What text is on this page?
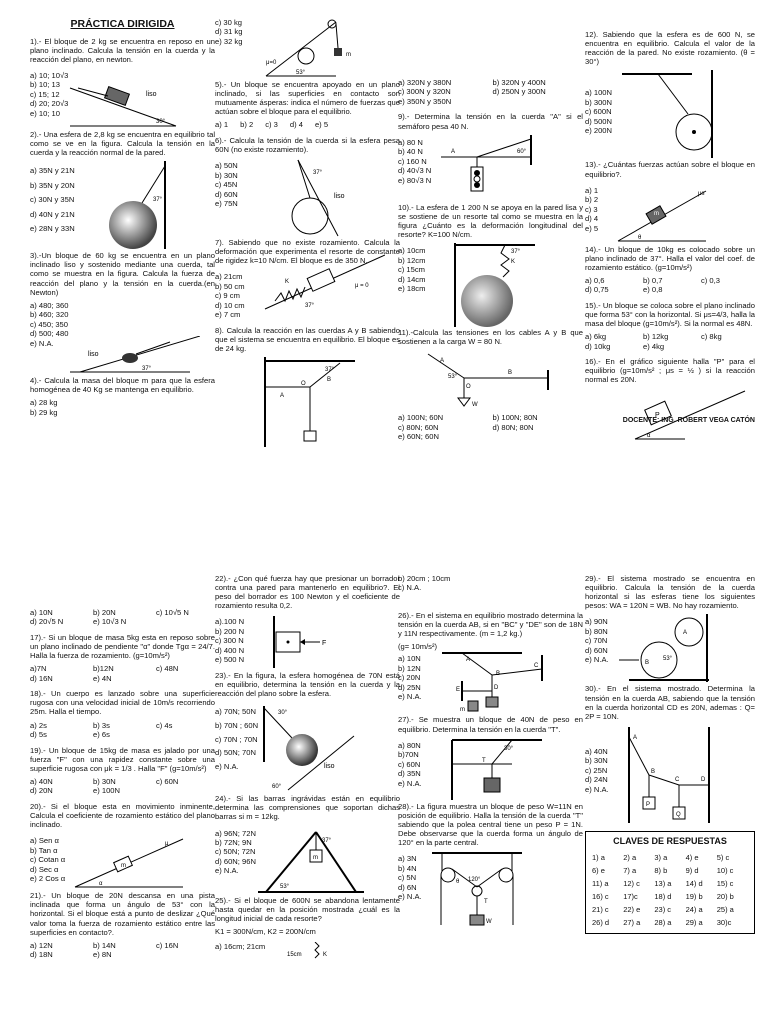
PRÁCTICA DIRIGIDA
1).- El bloque de 2 kg se encuentra en reposo en un plano inclinado. Calcula la tensión en la cuerda y la reacción del plano, en newton.
a) 10; 10√3
b) 10; 13
c) 15; 12
d) 20; 20√3
e) 10; 10
liso
30°
2).- Una esfera de 2,8 kg se encuentra en equilibrio tal como se ve en la figura. Calcula la tensión en la cuerda y la reacción normal de la pared.
a) 35N y 21N
b) 35N y 20N
c) 30N y 35N
d) 40N y 21N
e) 28N y 33N
37°
3).-Un bloque de 60 kg se encuentra en un plano inclinado liso y sostenido mediante una cuerda, tal como se muestra en la figura. Calcula la fuerza de reacción del plano y la tensión en la cuerda.(en Newton)
a) 480; 360
b) 460; 320
c) 450; 350
d) 500; 480
e) N.A.
liso
37°
4).- Calcula la masa del bloque m para que la esfera homogénea de 40 Kg se mantenga en equilibrio.
a) 28 kg
b) 29 kg
c) 30 kg
d) 31 kg
e) 32 kg
m
μ=0
53°
5).- Un bloque se encuentra apoyado en un plano inclinado, si las superficies en contacto son mutuamente ásperas: indica el número de fuerzas que actúan sobre el bloque para el equilibrio.
a) 1 b) 2 c) 3 d) 4 e) 5
6).- Calcula la tensión de la cuerda si la esfera pesa 60N (no existe rozamiento).
a) 50N
b) 30N
c) 45N
d) 60N
e) 75N
37°
liso
7). Sabiendo que no existe rozamiento. Calcula la deformación que experimenta el resorte de constante de rigidez k=10 N/cm. El bloque es de 350 N.
a) 21cm
b) 50 cm
c) 9 cm
d) 10 cm
e) 7 cm
K
μ = 0
37°
8). Calcula la reacción en las cuerdas A y B sabiendo que el sistema se encuentra en equilibrio. El bloque es de 24 kg.
A
B
O
37°
a) 320N y 380N	b) 320N y 400N
c) 300N y 320N	d) 250N y 300N
e) 350N y 350N
9).- Determina la tensión en la cuerda "A" si el semáforo pesa 40 N.
a) 80 N
b) 40 N
c) 160 N
d) 40√3 N
e) 80√3 N
A	60°
10).- La esfera de 1 200 N se apoya en la pared lisa y se sostiene de un resorte tal como se muestra en la figura ¿Cuánto es la deformación longitudinal del resorte? K=100 N/cm.
a) 10cm
b) 12cm
c) 15cm
d) 14cm
e) 18cm
K
37°
11).-Calcula las tensiones en los cables A y B que sostienen a la carga W = 80 N.
A
B
O
W
53°
a) 100N; 60N	b) 100N; 80N
c) 80N; 60N	d) 80N; 80N
e) 60N; 60N
12). Sabiendo que la esfera es de 600 N, se encuentra en equilibrio. Calcula el valor de la reacción de la pared. No existe rozamiento. (θ = 30°)
a) 100N
b) 300N
c) 600N
d) 500N
e) 200N
13).- ¿Cuántas fuerzas actúan sobre el bloque en equilibrio?.
a) 1
b) 2
c) 3
d) 4
e) 5
μs
m
θ
14).- Un bloque de 10kg es colocado sobre un plano inclinado de 37°. Halla el valor del coef. de rozamiento estático. (g=10m/s²)
a) 0,6	b) 0,7	c) 0,3
d) 0,75	e) 0,8
15).- Un bloque se coloca sobre el plano inclinado que forma 53° con la horizontal. Si μs=4/3, halla la masa del bloque (g=10m/s²). Si la normal es 48N.
a) 6kg	b) 12kg	c) 8kg
d) 10kg	e) 4kg
16).- En el gráfico siguiente halla "P" para el equilibrio (g=10m/s² ; μs = ½ ) si la reacción normal es 20N.
P
α
DOCENTE: ING. ROBERT VEGA CATÓN
a) 10N	b) 20N	c) 10√5 N
d) 20√5 N	e) 10√3 N
17).- Si un bloque de masa 5kg esta en reposo sobre un plano inclinado de pendiente "α" donde Tgα = 24/7. Halla la fuerza de rozamiento. (g=10m/s²)
a)7N	b)12N	c) 48N
d) 16N	e) 4N
18).- Un cuerpo es lanzado sobre una superficie rugosa con una velocidad inicial de 10m/s recorriendo 25m. Halla el tiempo.
a) 2s	b) 3s	c) 4s
d) 5s	e) 6s
19).- Un bloque de 15kg de masa es jalado por una fuerza "F" con una rapidez constante sobre una superficie rugosa con μk = 1/3 . Halla "F" (g=10m/s²)
a) 40N	b) 30N	c) 60N
d) 20N	e) 100N
20).- Si el bloque esta en movimiento inminente, Calcula el coeficiente de rozamiento estático del plano inclinado.
a) Sen α
b) Tan α
c) Cotan α
d) Sec α
e) 2 Cos α
m
μ
α
21).- Un bloque de 20N descansa en una pista inclinada que forma un ángulo de 53° con la horizontal. Si el bloque está a punto de deslizar ¿Qué valor toma la fuerza de rozamiento estático entre las superficies en contacto?.
a) 12N	b) 14N	c) 16N
d) 18N	e) 8N
22).- ¿Con qué fuerza hay que presionar un borrador contra una pared para mantenerlo en equilibrio?. El peso del borrador es 100 Newton y el coeficiente de rozamiento resulta 0,2.
a).100 N
b) 200 N
c) 300 N
d) 400 N
e) 500 N
F
23).- En la figura, la esfera homogénea de 70N está en equilibrio, determina la tensión en la cuerda y la reacción del plano sobre la esfera.
a) 70N; 50N
b) 70N ; 60N
c) 70N ; 70N
d) 50N; 70N
e) N.A.
30°
liso
60°
24).- Si las barras ingrávidas están en equilibrio determina las comprensiones que soportan dichas barras si m = 12kg.
a) 96N; 72N
b) 72N; 9N
c) 50N; 72N
d) 60N; 96N
e) N.A.
m
37°
53°
25).- Si el bloque de 600N se abandona lentamente hasta quedar en la posición mostrada ¿cuál es la longitud inicial de cada resorte?
K1 = 300N/cm, K2 = 200N/cm
a) 16cm; 21cm
15cm	K
b) 20cm ; 10cm
c) N.A.
26).- En el sistema en equilibrio mostrado determina la tensión en la cuerda AB, si en "BC" y "DE" son de 18N y 11N respectivamente. (m = 1,2 kg.)
(g= 10m/s²)
a) 10N
b) 12N
c) 20N
d) 25N
e) N.A.
A
B
C
D
E
m
27).- Se muestra un bloque de 40N de peso en equilibrio. Determina la tensión en la cuerda "T".
a) 80N
b)70N
c) 60N
d) 35N
e) N.A.
30°
T
28).- La figura muestra un bloque de peso W=11N en posición de equilibrio. Halla la tensión de la cuerda "T" sabiendo que la polea central tiene un peso P = 1N. Debe observarse que la cuerda forma un ángulo de 120° en la parte central.
a) 3N
b) 4N
c) 5N
d) 6N
e) N.A.
120°
T
W
θ
29).- El sistema mostrado se encuentra en equilibrio. Calcula la tensión de la cuerda horizontal si las esferas tiene los siguientes pesos: WA = 120N = WB. No hay rozamiento.
a) 90N
b) 80N
c) 70N
d) 60N
e) N.A.
A
B
53°
30).- En el sistema mostrado. Determina la tensión en la cuerda AB, sabiendo que la tensión en la cuerda horizontal CD es 20N, ademas : Q= 2P = 10N.
a) 40N
b) 30N
c) 25N
d) 24N
e) N.A.
A
B
C	D
P
Q
CLAVES DE RESPUESTAS
1) a	2) a	3) a	4) e	5) c
6) e	7) a	8) b	9) d	10) c
11) a	12) c	13) a	14) d	15) c
16) c	17)c	18) d	19) b	20) b
21) c	22) e	23) c	24) a	25) a
26) d	27) a	28) a	29) a	30)c
